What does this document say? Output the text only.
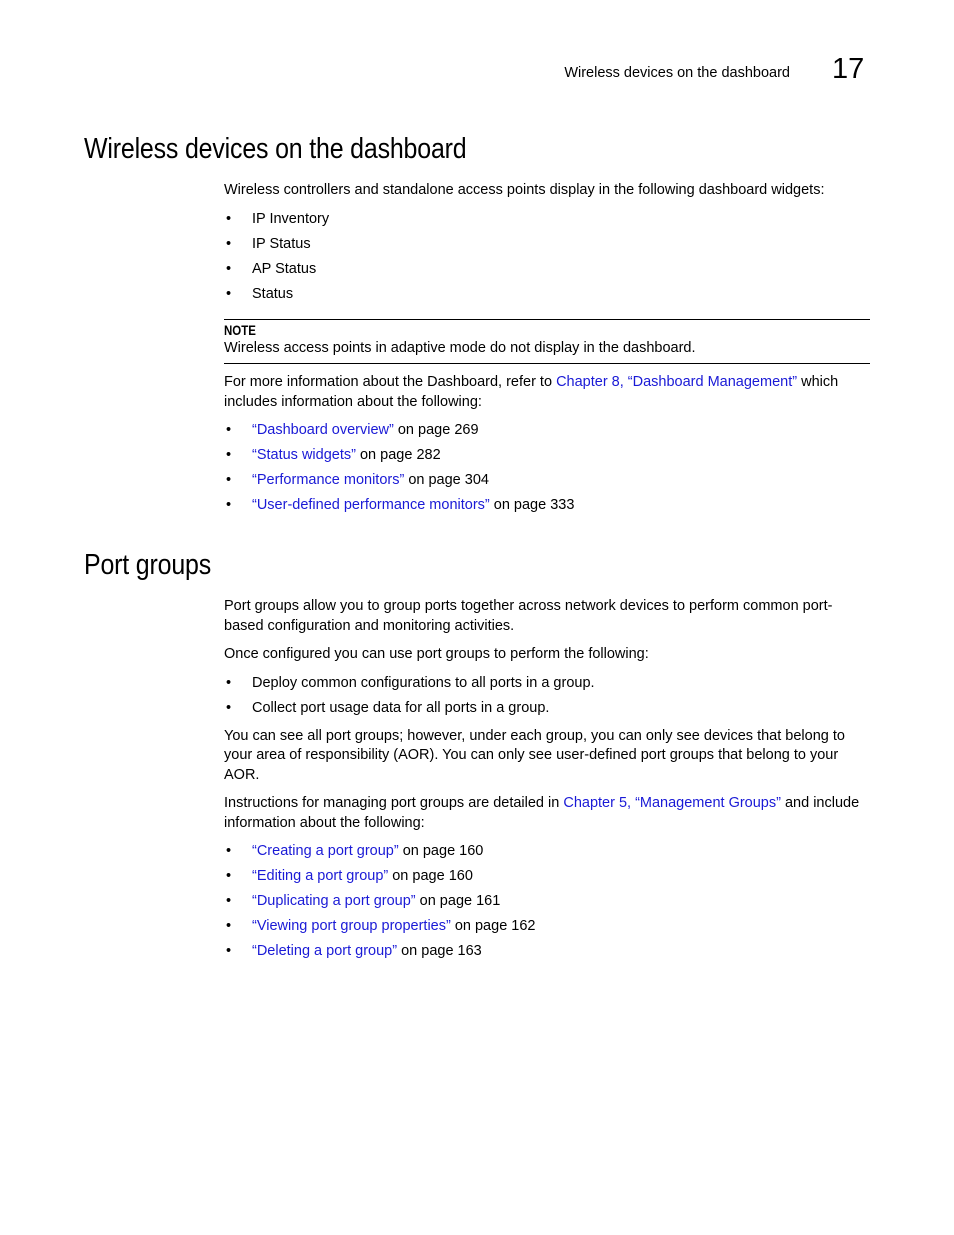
Wireless devices on the dashboard 17
Wireless devices on the dashboard

Wireless controllers and standalone access points display in the following dashboard widgets:

• IP Inventory
• IP Status
• AP Status
• Status
NOTE
Wireless access points in adaptive mode do not display in the dashboard.

For more information about the Dashboard, refer to Chapter 8, “Dashboard Management” which includes information about the following:

• “Dashboard overview” on page 269
• “Status widgets” on page 282
• “Performance monitors” on page 304
• “User-defined performance monitors” on page 333
Port groups

Port groups allow you to group ports together across network devices to perform common port-based configuration and monitoring activities.

Once configured you can use port groups to perform the following:

• Deploy common configurations to all ports in a group.
• Collect port usage data for all ports in a group.

You can see all port groups; however, under each group, you can only see devices that belong to your area of responsibility (AOR). You can only see user-defined port groups that belong to your AOR.

Instructions for managing port groups are detailed in Chapter 5, “Management Groups” and include information about the following:

• “Creating a port group” on page 160
• “Editing a port group” on page 160
• “Duplicating a port group” on page 161
• “Viewing port group properties” on page 162
• “Deleting a port group” on page 163
